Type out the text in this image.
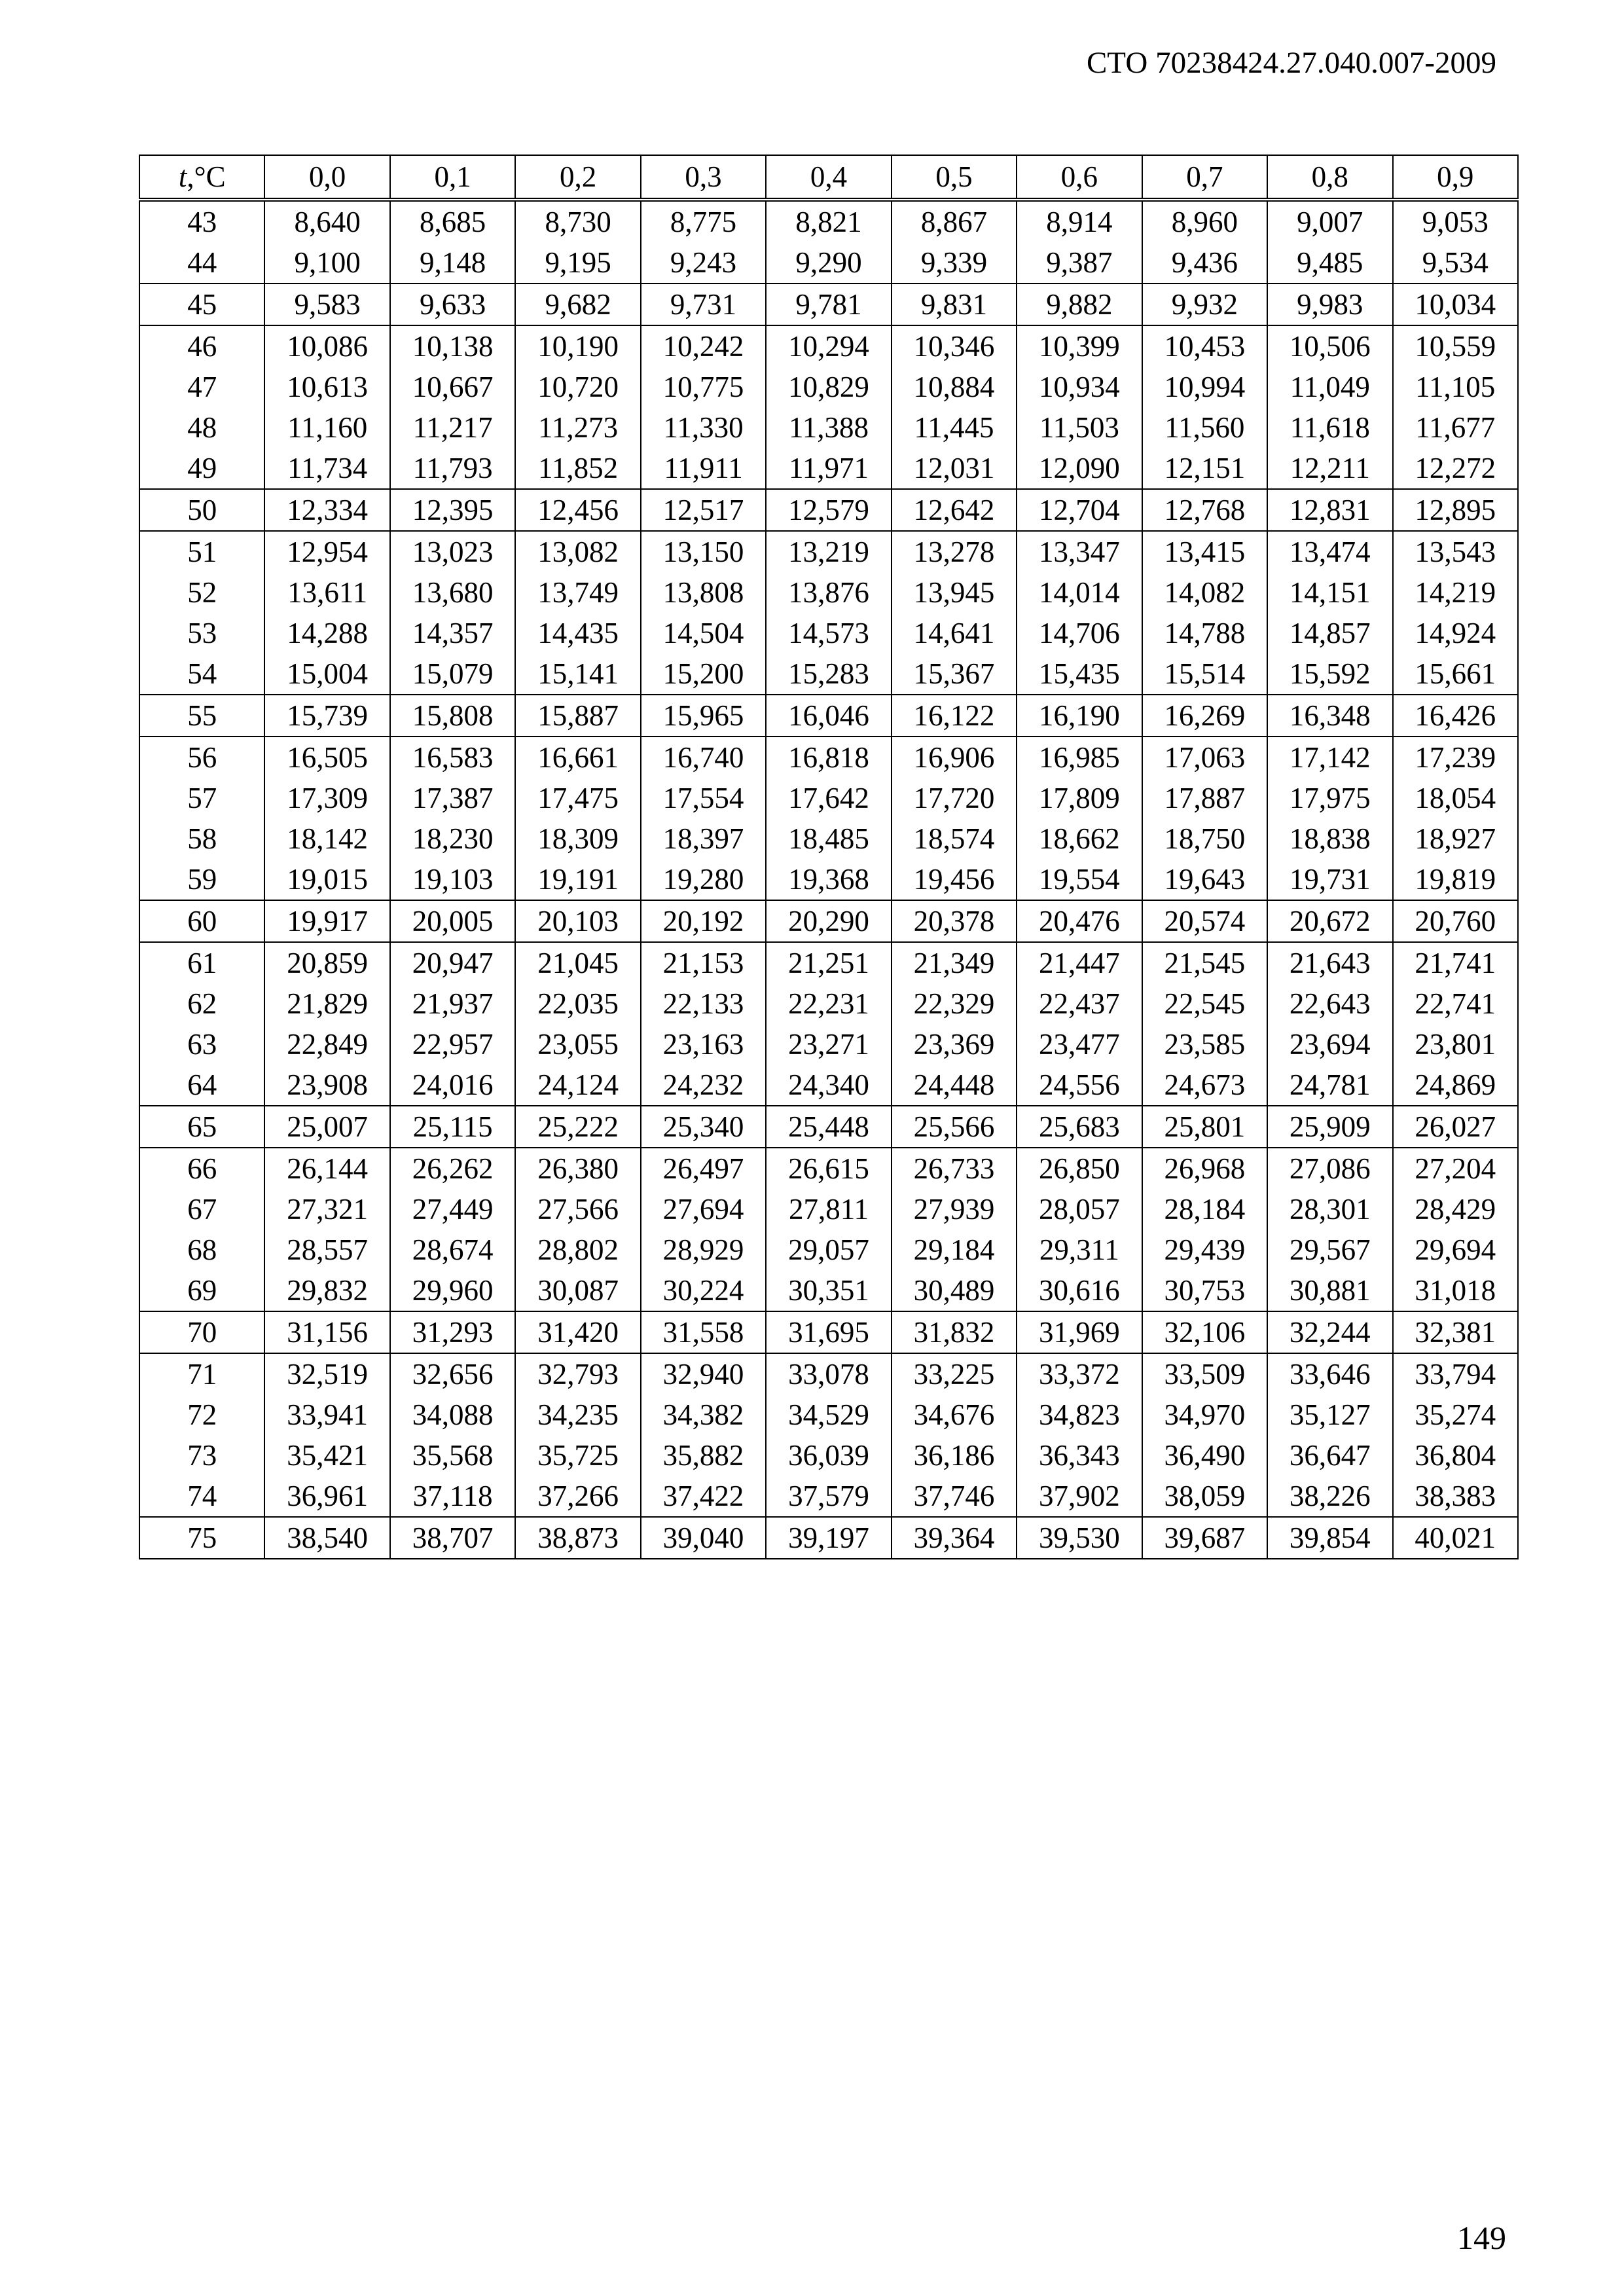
СТО 70238424.27.040.007-2009
t,°C	0,0	0,1	0,2	0,3	0,4	0,5	0,6	0,7	0,8	0,9
43	8,640	8,685	8,730	8,775	8,821	8,867	8,914	8,960	9,007	9,053
44	9,100	9,148	9,195	9,243	9,290	9,339	9,387	9,436	9,485	9,534
45	9,583	9,633	9,682	9,731	9,781	9,831	9,882	9,932	9,983	10,034
46	10,086	10,138	10,190	10,242	10,294	10,346	10,399	10,453	10,506	10,559
47	10,613	10,667	10,720	10,775	10,829	10,884	10,934	10,994	11,049	11,105
48	11,160	11,217	11,273	11,330	11,388	11,445	11,503	11,560	11,618	11,677
49	11,734	11,793	11,852	11,911	11,971	12,031	12,090	12,151	12,211	12,272
50	12,334	12,395	12,456	12,517	12,579	12,642	12,704	12,768	12,831	12,895
51	12,954	13,023	13,082	13,150	13,219	13,278	13,347	13,415	13,474	13,543
52	13,611	13,680	13,749	13,808	13,876	13,945	14,014	14,082	14,151	14,219
53	14,288	14,357	14,435	14,504	14,573	14,641	14,706	14,788	14,857	14,924
54	15,004	15,079	15,141	15,200	15,283	15,367	15,435	15,514	15,592	15,661
55	15,739	15,808	15,887	15,965	16,046	16,122	16,190	16,269	16,348	16,426
56	16,505	16,583	16,661	16,740	16,818	16,906	16,985	17,063	17,142	17,239
57	17,309	17,387	17,475	17,554	17,642	17,720	17,809	17,887	17,975	18,054
58	18,142	18,230	18,309	18,397	18,485	18,574	18,662	18,750	18,838	18,927
59	19,015	19,103	19,191	19,280	19,368	19,456	19,554	19,643	19,731	19,819
60	19,917	20,005	20,103	20,192	20,290	20,378	20,476	20,574	20,672	20,760
61	20,859	20,947	21,045	21,153	21,251	21,349	21,447	21,545	21,643	21,741
62	21,829	21,937	22,035	22,133	22,231	22,329	22,437	22,545	22,643	22,741
63	22,849	22,957	23,055	23,163	23,271	23,369	23,477	23,585	23,694	23,801
64	23,908	24,016	24,124	24,232	24,340	24,448	24,556	24,673	24,781	24,869
65	25,007	25,115	25,222	25,340	25,448	25,566	25,683	25,801	25,909	26,027
66	26,144	26,262	26,380	26,497	26,615	26,733	26,850	26,968	27,086	27,204
67	27,321	27,449	27,566	27,694	27,811	27,939	28,057	28,184	28,301	28,429
68	28,557	28,674	28,802	28,929	29,057	29,184	29,311	29,439	29,567	29,694
69	29,832	29,960	30,087	30,224	30,351	30,489	30,616	30,753	30,881	31,018
70	31,156	31,293	31,420	31,558	31,695	31,832	31,969	32,106	32,244	32,381
71	32,519	32,656	32,793	32,940	33,078	33,225	33,372	33,509	33,646	33,794
72	33,941	34,088	34,235	34,382	34,529	34,676	34,823	34,970	35,127	35,274
73	35,421	35,568	35,725	35,882	36,039	36,186	36,343	36,490	36,647	36,804
74	36,961	37,118	37,266	37,422	37,579	37,746	37,902	38,059	38,226	38,383
75	38,540	38,707	38,873	39,040	39,197	39,364	39,530	39,687	39,854	40,021
149
